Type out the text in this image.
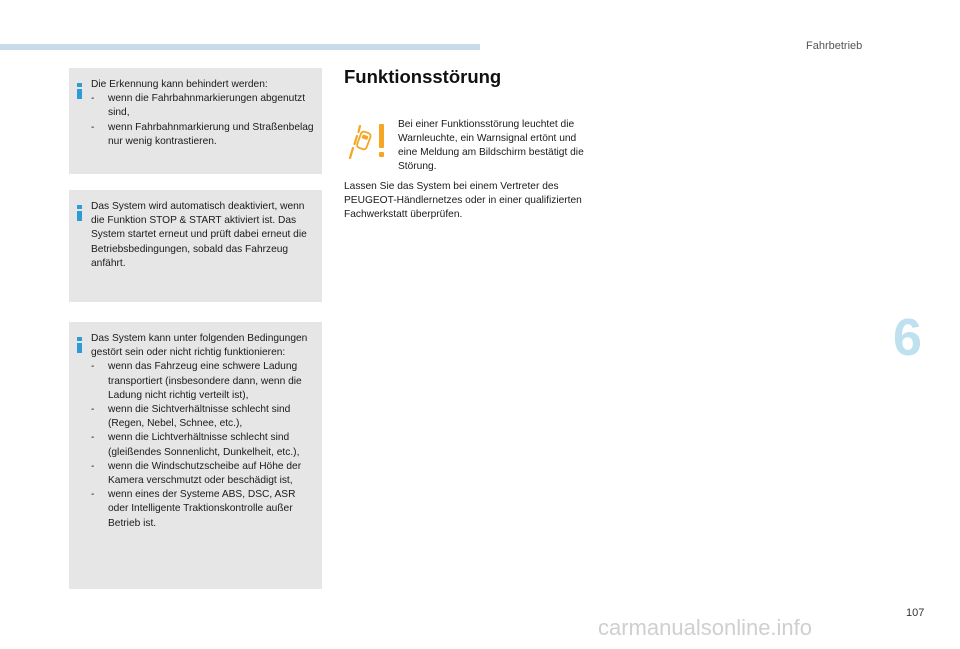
Fahrbetrieb
Die Erkennung kann behindert werden:
-	wenn die Fahrbahnmarkierungen abgenutzt sind,
-	wenn Fahrbahnmarkierung und Straßenbelag nur wenig kontrastieren.
Das System wird automatisch deaktiviert, wenn die Funktion STOP & START aktiviert ist. Das System startet erneut und prüft dabei erneut die Betriebsbedingungen, sobald das Fahrzeug anfährt.
Das System kann unter folgenden Bedingungen gestört sein oder nicht richtig funktionieren:
-	wenn das Fahrzeug eine schwere Ladung transportiert (insbesondere dann, wenn die Ladung nicht richtig verteilt ist),
-	wenn die Sichtverhältnisse schlecht sind (Regen, Nebel, Schnee, etc.),
-	wenn die Lichtverhältnisse schlecht sind (gleißendes Sonnenlicht, Dunkelheit, etc.),
-	wenn die Windschutzscheibe auf Höhe der Kamera verschmutzt oder beschädigt ist,
-	wenn eines der Systeme ABS, DSC, ASR oder Intelligente Traktionskontrolle außer Betrieb ist.
Funktionsstörung
Bei einer Funktionsstörung leuchtet die Warnleuchte, ein Warnsignal ertönt und eine Meldung am Bildschirm bestätigt die Störung.
Lassen Sie das System bei einem Vertreter des PEUGEOT-Händlernetzes oder in einer qualifizierten Fachwerkstatt überprüfen.
6
107
carmanualsonline.info
